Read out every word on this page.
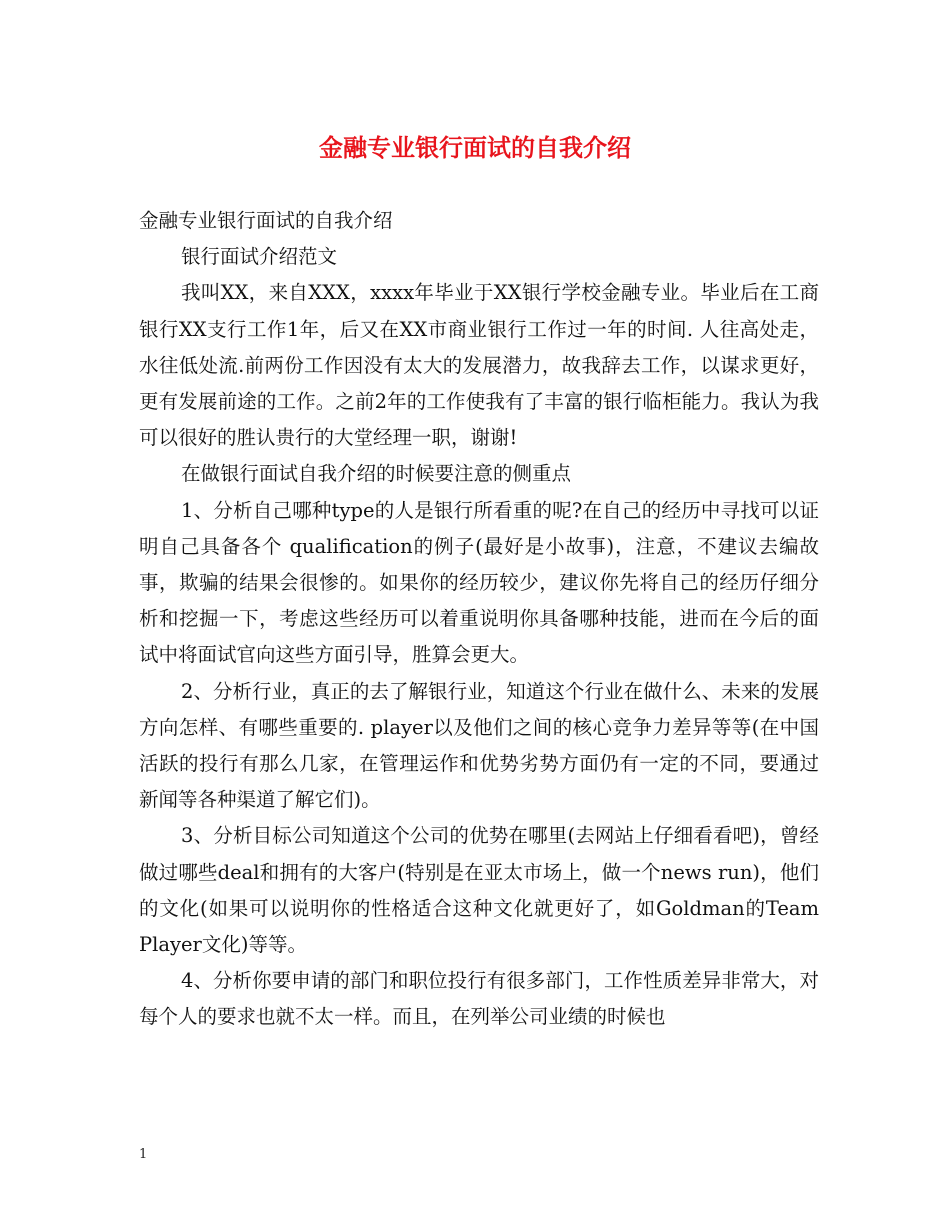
金融专业银行面试的自我介绍

金融专业银行面试的自我介绍

银行面试介绍范文

我叫XX，来自XXX，xxxx年毕业于XX银行学校金融专业。毕业后在工商银行XX支行工作1年，后又在XX市商业银行工作过一年的时间. 人往高处走，水往低处流.前两份工作因没有太大的发展潜力，故我辞去工作，以谋求更好，更有发展前途的工作。之前2年的工作使我有了丰富的银行临柜能力。我认为我可以很好的胜认贵行的大堂经理一职，谢谢!

在做银行面试自我介绍的时候要注意的侧重点

1、分析自己哪种type的人是银行所看重的呢?在自己的经历中寻找可以证明自己具备各个 qualification的例子(最好是小故事)，注意，不建议去编故事，欺骗的结果会很惨的。如果你的经历较少，建议你先将自己的经历仔细分析和挖掘一下，考虑这些经历可以着重说明你具备哪种技能，进而在今后的面试中将面试官向这些方面引导，胜算会更大。

2、分析行业，真正的去了解银行业，知道这个行业在做什么、未来的发展方向怎样、有哪些重要的. player以及他们之间的核心竞争力差异等等(在中国活跃的投行有那么几家，在管理运作和优势劣势方面仍有一定的不同，要通过新闻等各种渠道了解它们)。

3、分析目标公司知道这个公司的优势在哪里(去网站上仔细看看吧)，曾经做过哪些deal和拥有的大客户(特别是在亚太市场上，做一个news run)，他们的文化(如果可以说明你的性格适合这种文化就更好了，如Goldman的Team Player文化)等等。

4、分析你要申请的部门和职位投行有很多部门，工作性质差异非常大，对每个人的要求也就不太一样。而且，在列举公司业绩的时候也

1
